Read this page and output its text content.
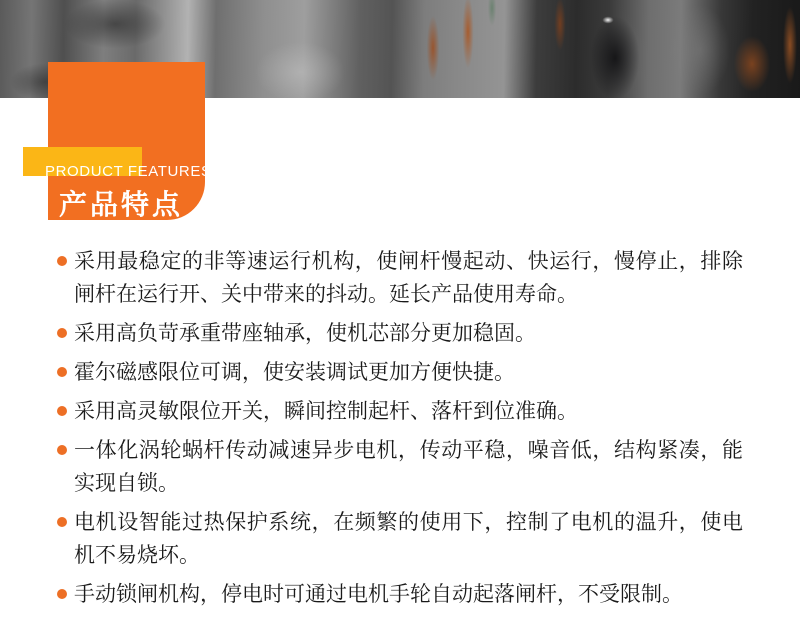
PRODUCT FEATURES
产品特点
采用最稳定的非等速运行机构，使闸杆慢起动、快运行，慢停止，排除闸杆在运行开、关中带来的抖动。延长产品使用寿命。
采用高负苛承重带座轴承，使机芯部分更加稳固。
霍尔磁感限位可调，使安装调试更加方便快捷。
采用高灵敏限位开关，瞬间控制起杆、落杆到位准确。
一体化涡轮蜗杆传动减速异步电机，传动平稳，噪音低，结构紧凑，能实现自锁。
电机设智能过热保护系统，在频繁的使用下，控制了电机的温升，使电机不易烧坏。
手动锁闸机构，停电时可通过电机手轮自动起落闸杆，不受限制。
